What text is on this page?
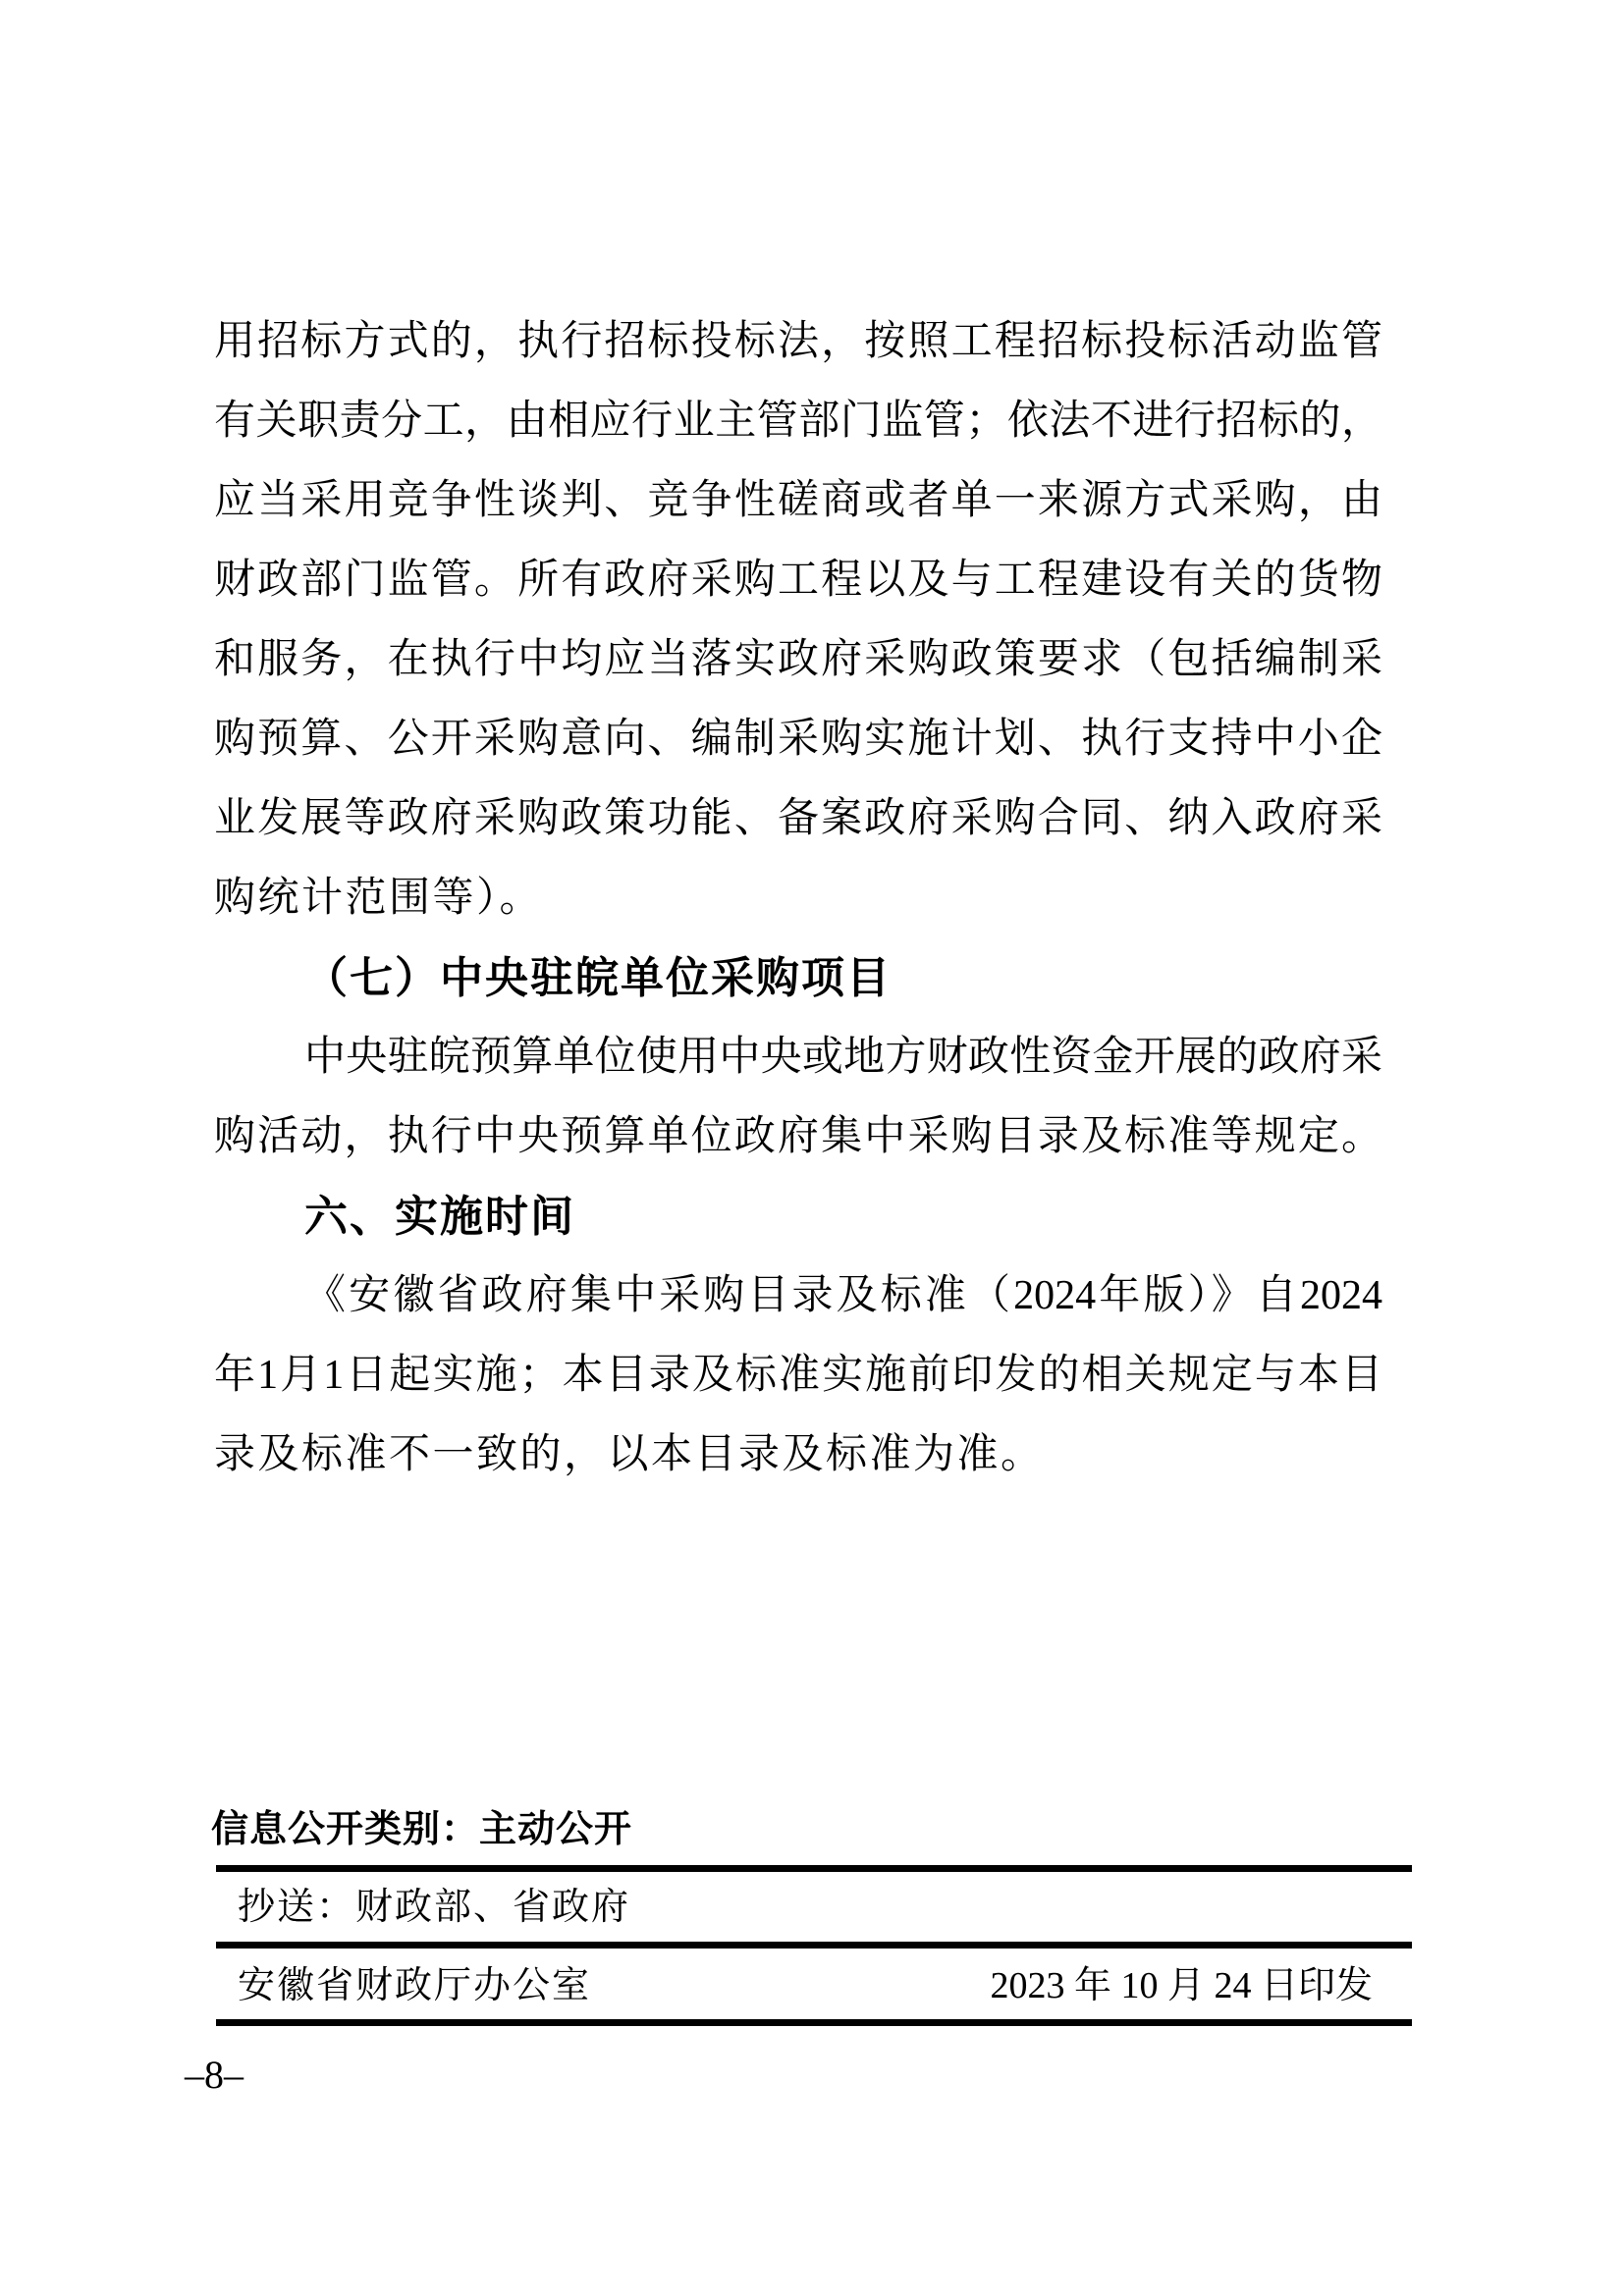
用招标方式的，执行招标投标法，按照工程招标投标活动监管
有关职责分工，由相应行业主管部门监管；依法不进行招标的，
应当采用竞争性谈判、竞争性磋商或者单一来源方式采购，由
财政部门监管。所有政府采购工程以及与工程建设有关的货物
和服务，在执行中均应当落实政府采购政策要求（包括编制采
购预算、公开采购意向、编制采购实施计划、执行支持中小企
业发展等政府采购政策功能、备案政府采购合同、纳入政府采
购统计范围等）。
（七）中央驻皖单位采购项目
中央驻皖预算单位使用中央或地方财政性资金开展的政府采
购活动，执行中央预算单位政府集中采购目录及标准等规定。
六、实施时间
《安徽省政府集中采购目录及标准（2024年版）》自2024
年1月1日起实施；本目录及标准实施前印发的相关规定与本目
录及标准不一致的，以本目录及标准为准。
信息公开类别：主动公开
抄送：财政部、省政府
安徽省财政厅办公室	2023 年 10 月 24 日印发
–8–
